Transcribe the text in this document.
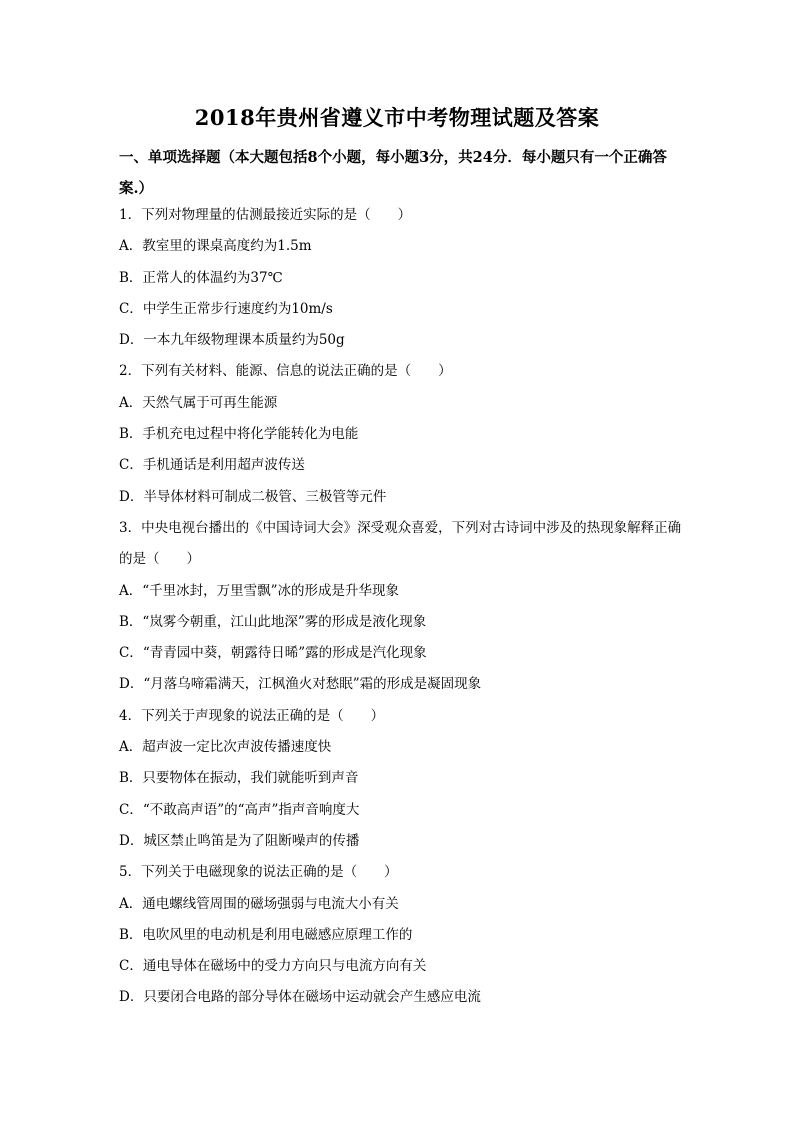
2018年贵州省遵义市中考物理试题及答案
一、单项选择题（本大题包括8个小题，每小题3分，共24分．每小题只有一个正确答案.）
1．下列对物理量的估测最接近实际的是（　　）
A．教室里的课桌高度约为1.5m
B．正常人的体温约为37℃
C．中学生正常步行速度约为10m/s
D．一本九年级物理课本质量约为50g
2．下列有关材料、能源、信息的说法正确的是（　　）
A．天然气属于可再生能源
B．手机充电过程中将化学能转化为电能
C．手机通话是利用超声波传送
D．半导体材料可制成二极管、三极管等元件
3．中央电视台播出的《中国诗词大会》深受观众喜爱，下列对古诗词中涉及的热现象解释正确的是（　　）
A．“千里冰封，万里雪飘”冰的形成是升华现象
B．“岚雾今朝重，江山此地深”雾的形成是液化现象
C．“青青园中葵，朝露待日晞”露的形成是汽化现象
D．“月落乌啼霜满天，江枫渔火对愁眠”霜的形成是凝固现象
4．下列关于声现象的说法正确的是（　　）
A．超声波一定比次声波传播速度快
B．只要物体在振动，我们就能听到声音
C．“不敢高声语”的“高声”指声音响度大
D．城区禁止鸣笛是为了阻断噪声的传播
5．下列关于电磁现象的说法正确的是（　　）
A．通电螺线管周围的磁场强弱与电流大小有关
B．电吹风里的电动机是利用电磁感应原理工作的
C．通电导体在磁场中的受力方向只与电流方向有关
D．只要闭合电路的部分导体在磁场中运动就会产生感应电流
